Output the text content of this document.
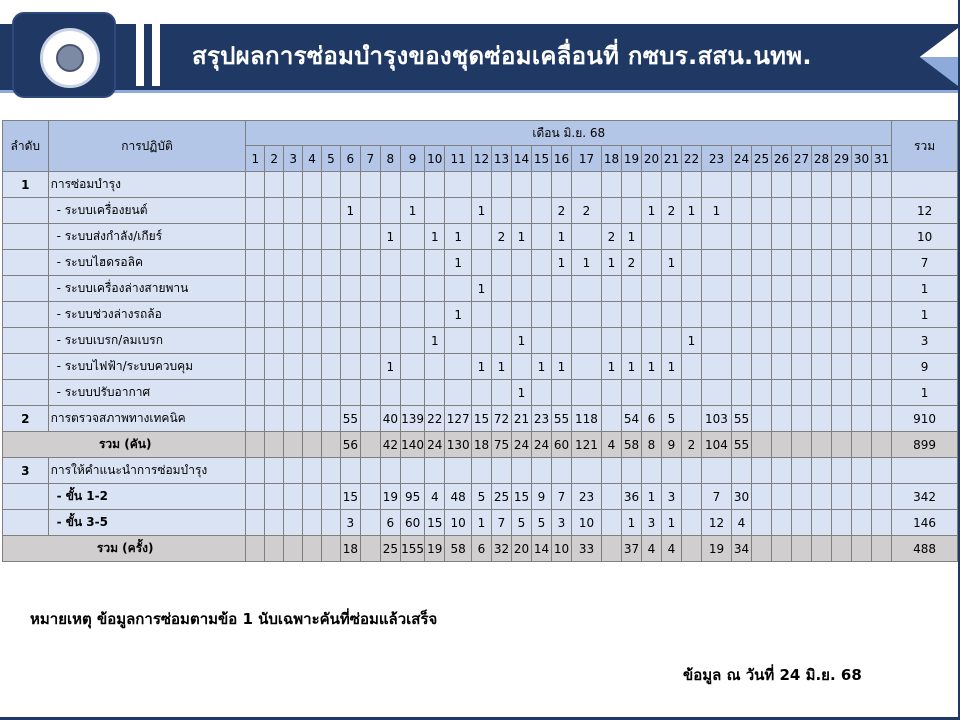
สรุปผลการซ่อมบำรุงของชุดซ่อมเคลื่อนที่ กซบร.สสน.นทพ.
ลำดับ	การปฏิบัติ	เดือน มิ.ย. 68																															รวม
		1	2	3	4	5	6	7	8	9	10	11	12	13	14	15	16	17	18	19	20	21	22	23	24	25	26	27	28	29	30	31	
1	การซ่อมบำรุง																																
	- ระบบเครื่องยนต์						1			1			1				2	2			1	2	1	1									12
	- ระบบส่งกำลัง/เกียร์								1		1	1		2	1		1		2	1													10
	- ระบบไฮดรอลิค											1					1	1	1	2		1											7
	- ระบบเครื่องล่างสายพาน												1																				1
	- ระบบช่วงล่างรถล้อ											1																					1
	- ระบบเบรก/ลมเบรก										1				1								1										3
	- ระบบไฟฟ้า/ระบบควบคุม								1				1	1		1	1		1	1	1	1											9
	- ระบบปรับอากาศ														1																		1
2	การตรวจสภาพทางเทคนิค						55		40	139	22	127	15	72	21	23	55	118		54	6	5		103	55								910
รวม (คัน)							56		42	140	24	130	18	75	24	24	60	121	4	58	8	9	2	104	55								899
3	การให้คำแนะนำการซ่อมบำรุง																																
	- ขั้น 1-2						15		19	95	4	48	5	25	15	9	7	23		36	1	3		7	30								342
	- ขั้น 3-5						3		6	60	15	10	1	7	5	5	3	10		1	3	1		12	4								146
รวม (ครั้ง)							18		25	155	19	58	6	32	20	14	10	33		37	4	4		19	34								488
หมายเหตุ ข้อมูลการซ่อมตามข้อ 1 นับเฉพาะคันที่ซ่อมแล้วเสร็จ
ข้อมูล ณ วันที่ 24 มิ.ย. 68
